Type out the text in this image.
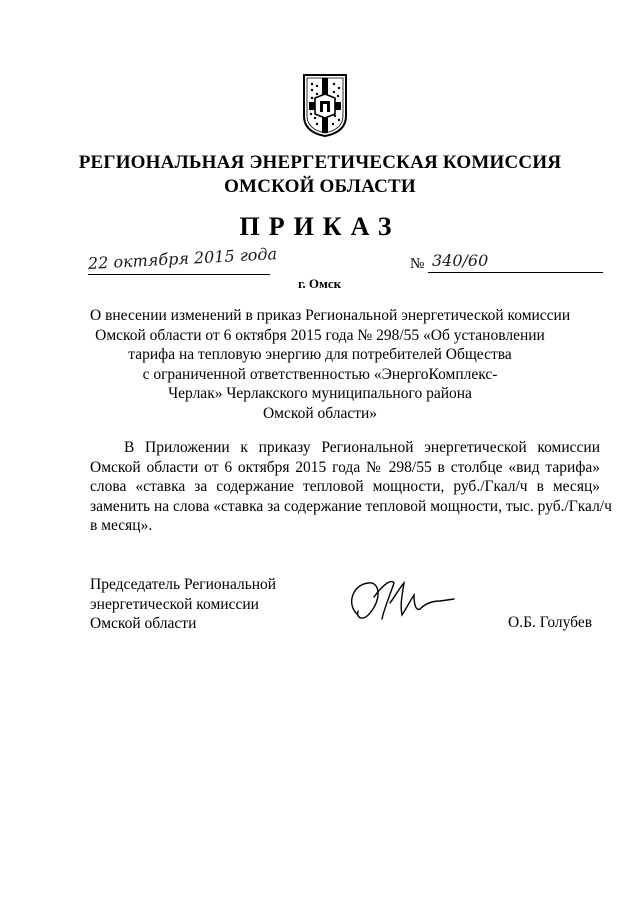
РЕГИОНАЛЬНАЯ ЭНЕРГЕТИЧЕСКАЯ КОМИССИЯ
ОМСКОЙ ОБЛАСТИ
ПРИКАЗ
22 октября 2015 года
г. Омск
№ 340/60
О внесении изменений в приказ Региональной энергетической комиссии
Омской области от 6 октября 2015 года № 298/55 «Об установлении
тарифа на тепловую энергию для потребителей Общества
с ограниченной ответственностью «ЭнергоКомплекс-
Черлак» Черлакского муниципального района
Омской области»
В Приложении к приказу Региональной энергетической комиссии
Омской области от 6 октября 2015 года № 298/55 в столбце «вид тарифа»
слова «ставка за содержание тепловой мощности, руб./Гкал/ч в месяц»
заменить на слова «ставка за содержание тепловой мощности, тыс. руб./Гкал/ч
в месяц».
Председатель Региональной
энергетической комиссии
Омской области	О.Б. Голубев
